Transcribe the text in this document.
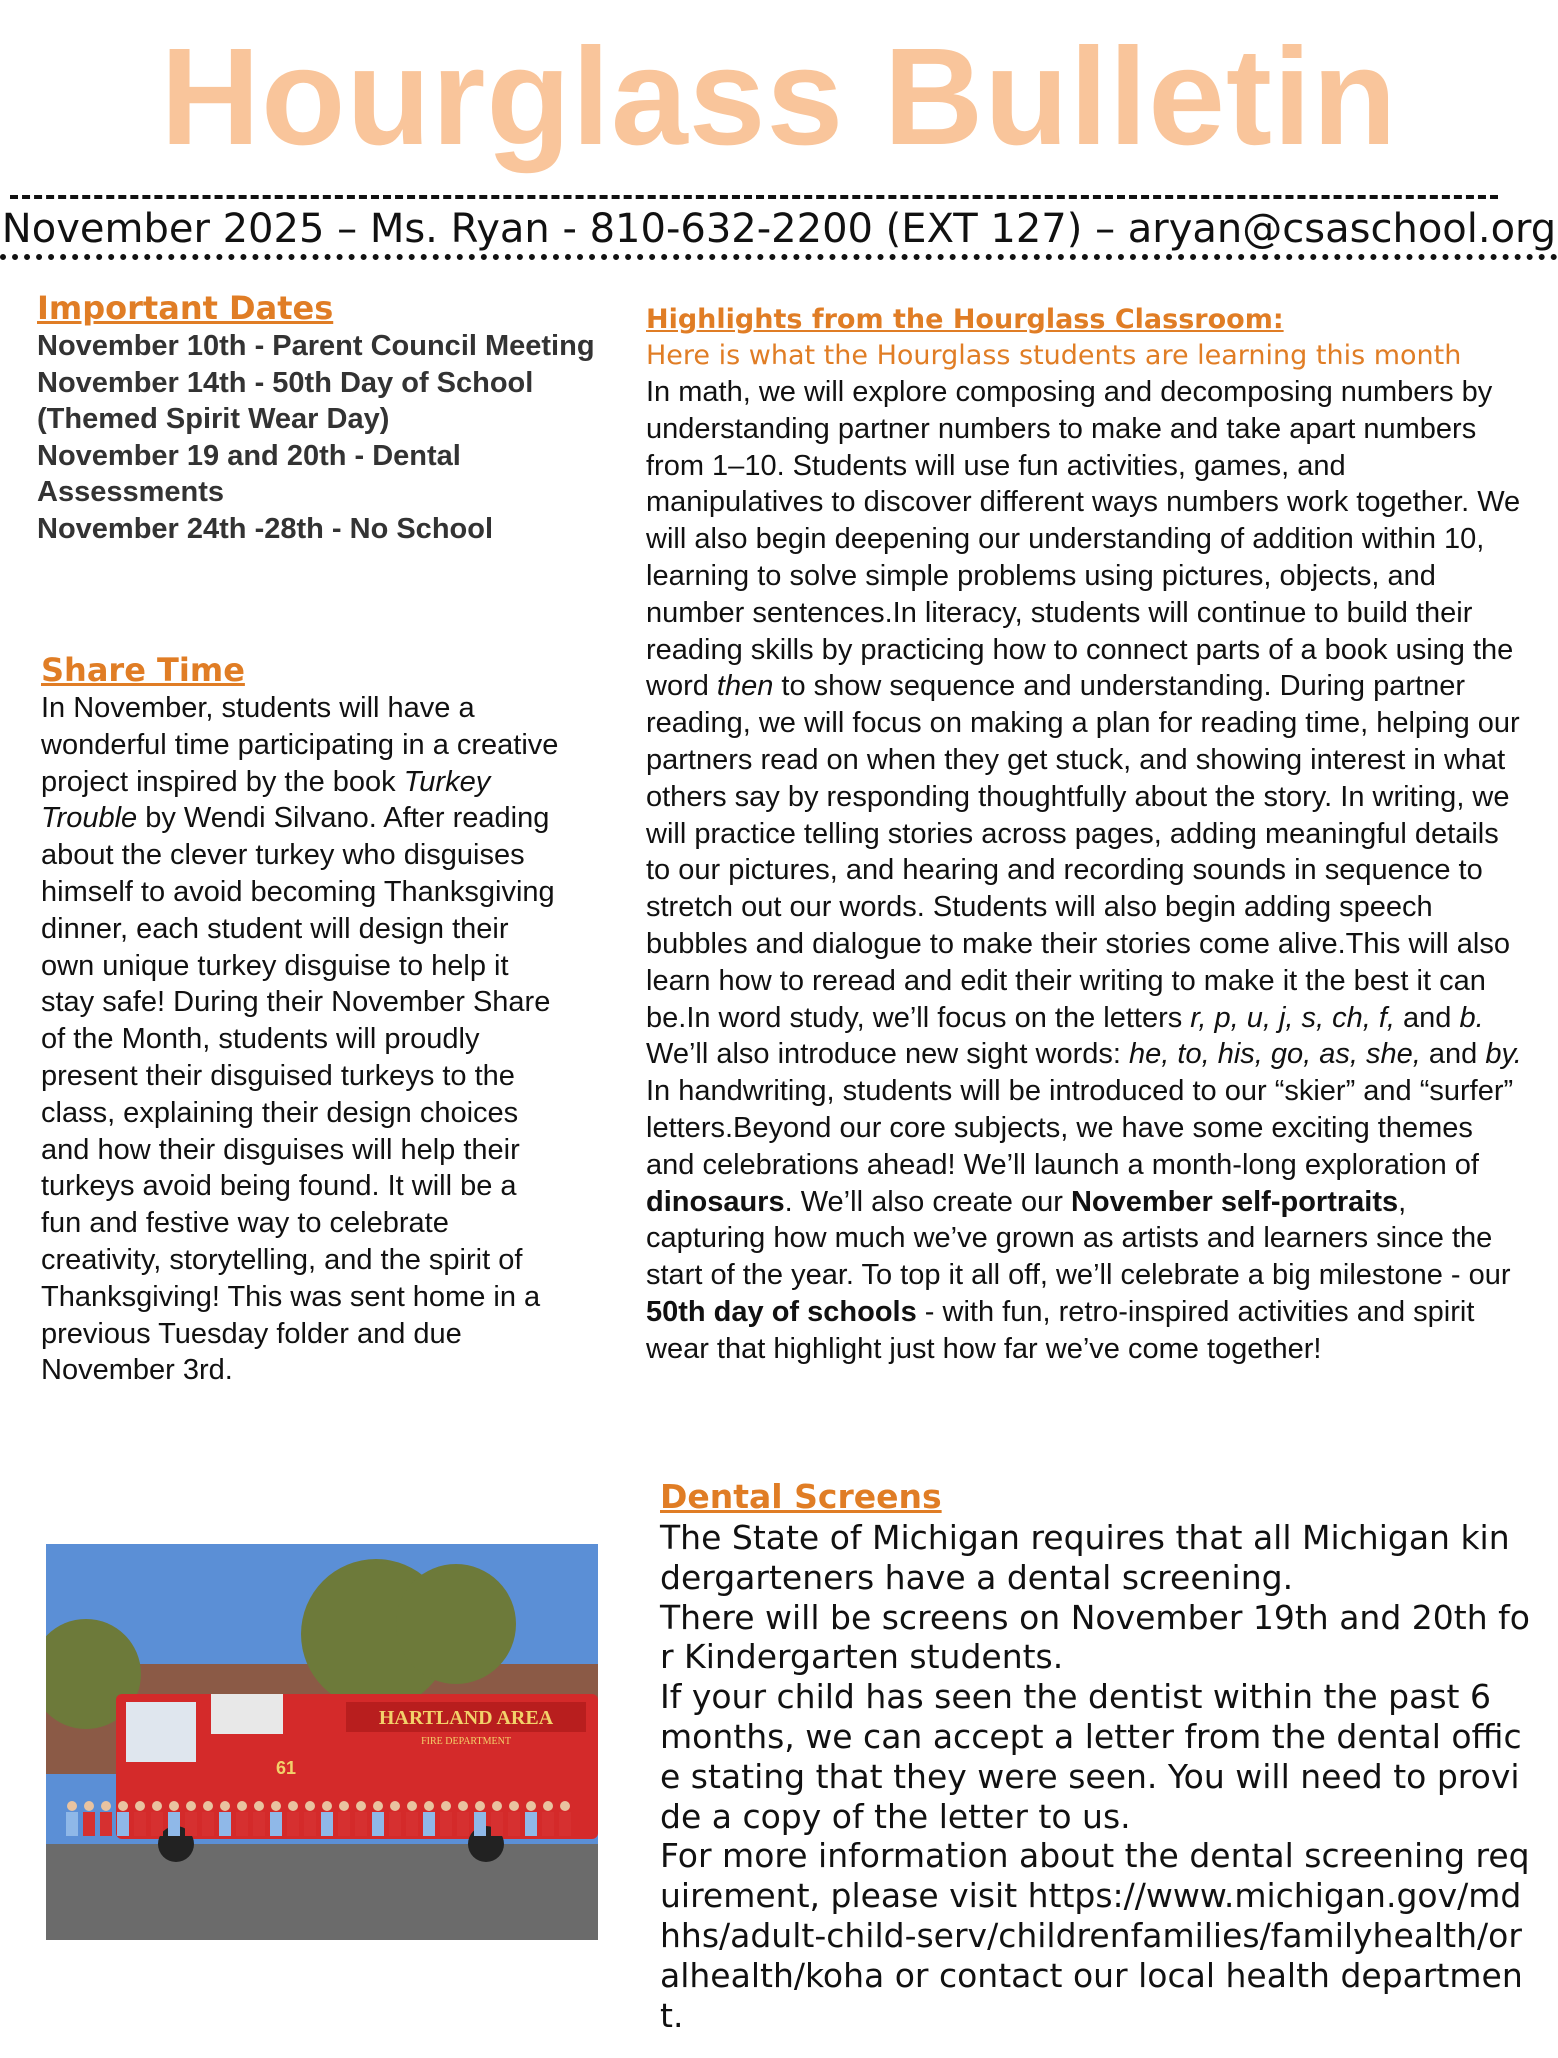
Hourglass Bulletin
November 2025 – Ms. Ryan - 810-632-2200 (EXT 127) – aryan@csaschool.org
Important Dates
November 10th - Parent Council Meeting
November 14th - 50th Day of School (Themed Spirit Wear Day)
November 19 and 20th - Dental Assessments
November 24th -28th - No School
Share Time

In November, students will have a wonderful time participating in a creative project inspired by the book Turkey Trouble by Wendi Silvano. After reading about the clever turkey who disguises himself to avoid becoming Thanksgiving dinner, each student will design their own unique turkey disguise to help it stay safe! During their November Share of the Month, students will proudly present their disguised turkeys to the class, explaining their design choices and how their disguises will help their turkeys avoid being found. It will be a fun and festive way to celebrate creativity, storytelling, and the spirit of Thanksgiving! This was sent home in a previous Tuesday folder and due November 3rd.

Highlights from the Hourglass Classroom:
Here is what the Hourglass students are learning this month

In math, we will explore composing and decomposing numbers by understanding partner numbers to make and take apart numbers from 1–10. Students will use fun activities, games, and manipulatives to discover different ways numbers work together. We will also begin deepening our understanding of addition within 10, learning to solve simple problems using pictures, objects, and number sentences.In literacy, students will continue to build their reading skills by practicing how to connect parts of a book using the word then to show sequence and understanding. During partner reading, we will focus on making a plan for reading time, helping our partners read on when they get stuck, and showing interest in what others say by responding thoughtfully about the story. In writing, we will practice telling stories across pages, adding meaningful details to our pictures, and hearing and recording sounds in sequence to stretch out our words. Students will also begin adding speech bubbles and dialogue to make their stories come alive.This will also learn how to reread and edit their writing to make it the best it can be.In word study, we’ll focus on the letters r, p, u, j, s, ch, f, and b. We’ll also introduce new sight words: he, to, his, go, as, she, and by. In handwriting, students will be introduced to our “skier” and “surfer” letters.Beyond our core subjects, we have some exciting themes and celebrations ahead! We’ll launch a month-long exploration of dinosaurs. We’ll also create our November self-portraits, capturing how much we’ve grown as artists and learners since the start of the year. To top it all off, we’ll celebrate a big milestone - our 50th day of schools - with fun, retro-inspired activities and spirit wear that highlight just how far we’ve come together!

Dental Screens

The State of Michigan requires that all Michigan kindergarteners have a dental screening.

There will be screens on November 19th and 20th for Kindergarten students.

If your child has seen the dentist within the past 6 months, we can accept a letter from the dental office stating that they were seen. You will need to provide a copy of the letter to us.

For more information about the dental screening requirement, please visit https://www.michigan.gov/mdhhs/adult-child-serv/childrenfamilies/familyhealth/oralhealth/koha or contact our local health department.

HARTLAND AREA
FIRE DEPARTMENT
61
